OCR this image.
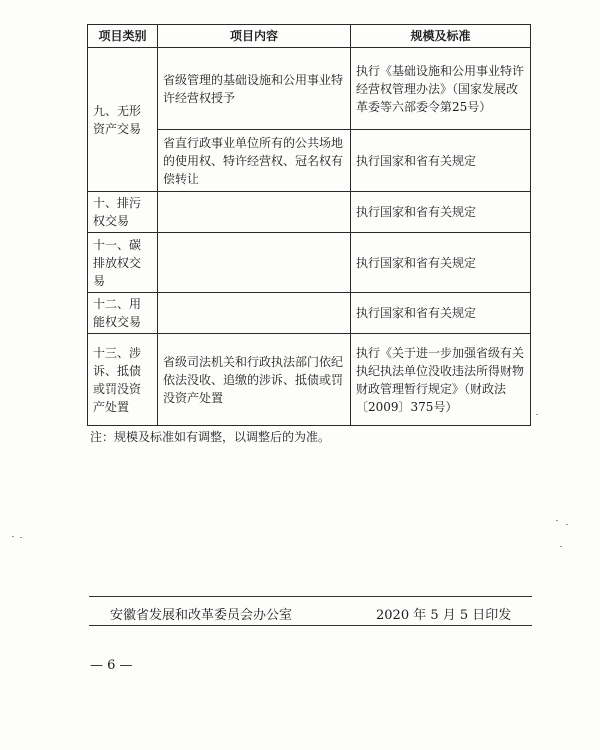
项目类别	项目内容	规模及标准
九、无形资产交易	省级管理的基础设施和公用事业特许经营权授予	执行《基础设施和公用事业特许经营权管理办法》（国家发展改革委等六部委令第25号）
	省直行政事业单位所有的公共场地的使用权、特许经营权、冠名权有偿转让	执行国家和省有关规定
十、排污权交易		执行国家和省有关规定
十一、碳排放权交易		执行国家和省有关规定
十二、用能权交易		执行国家和省有关规定
十三、涉诉、抵债或罚没资产处置	省级司法机关和行政执法部门依纪依法没收、追缴的涉诉、抵债或罚没资产处置	执行《关于进一步加强省级有关执纪执法单位没收违法所得财物财政管理暂行规定》（财政法〔2009〕375号）
注：规模及标准如有调整，以调整后的为准。
安徽省发展和改革委员会办公室	2020 年 5 月 5 日印发
— 6 —
